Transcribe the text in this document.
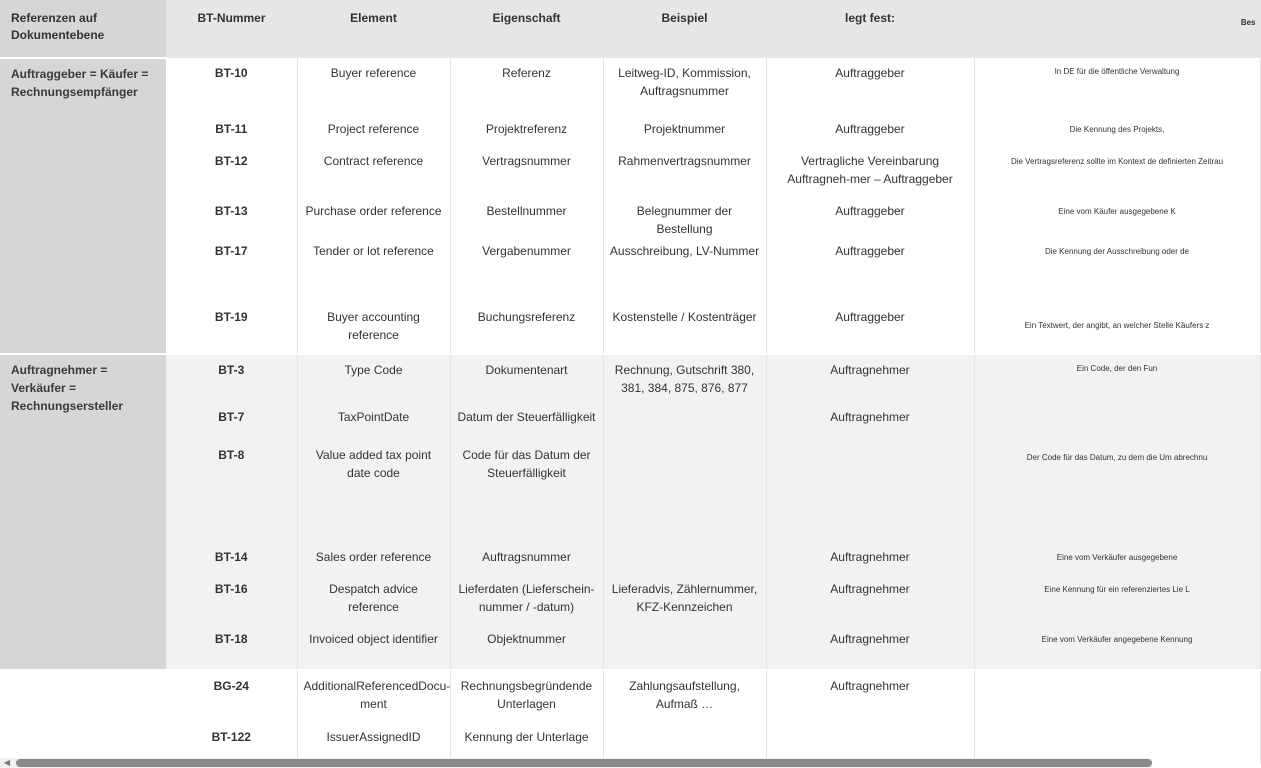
Referenzen auf Dokumentebene	BT-Nummer	Element	Eigenschaft	Beispiel	legt fest:	Bes
Auftraggeber = Käufer = Rechnungsempfänger	BT-10	Buyer reference	Referenz	Leitweg-ID, Kommission, Auftragsnummer	Auftraggeber	In DE für die öffentliche Verwaltung
	BT-11	Project reference	Projektreferenz	Projektnummer	Auftraggeber	Die Kennung des Projekts,
	BT-12	Contract reference	Vertragsnummer	Rahmenvertragsnummer	Vertragliche Vereinbarung Auftragneh-mer – Auftraggeber	Die Vertragsreferenz sollte im Kontext de definierten Zeitrau
	BT-13	Purchase order reference	Bestellnummer	Belegnummer der Bestellung	Auftraggeber	Eine vom Käufer ausgegebene K
	BT-17	Tender or lot reference	Vergabenummer	Ausschreibung, LV-Nummer	Auftraggeber	Die Kennung der Ausschreibung oder de
	BT-19	Buyer accounting reference	Buchungsreferenz	Kostenstelle / Kostenträger	Auftraggeber	Ein Textwert, der angibt, an welcher Stelle Käufers z
Auftragnehmer = Verkäufer = Rechnungsersteller	BT-3	Type Code	Dokumentenart	Rechnung, Gutschrift 380, 381, 384, 875, 876, 877	Auftragnehmer	Ein Code, der den Fun
	BT-7	TaxPointDate	Datum der Steuerfälligkeit		Auftragnehmer	
	BT-8	Value added tax point date code	Code für das Datum der Steuerfälligkeit			Der Code für das Datum, zu dem die Um abrechnu
	BT-14	Sales order reference	Auftragsnummer		Auftragnehmer	Eine vom Verkäufer ausgegebene
	BT-16	Despatch advice reference	Lieferdaten (Lieferschein-nummer / -datum)	Lieferadvis, Zählernummer, KFZ-Kennzeichen	Auftragnehmer	Eine Kennung für ein referenziertes Lie L
	BT-18	Invoiced object identifier	Objektnummer		Auftragnehmer	Eine vom Verkäufer angegebene Kennung
	BG-24	AdditionalReferencedDocu-ment	Rechnungsbegründende Unterlagen	Zahlungsaufstellung, Aufmaß …	Auftragnehmer	
	BT-122	IssuerAssignedID	Kennung der Unterlage			
◀
